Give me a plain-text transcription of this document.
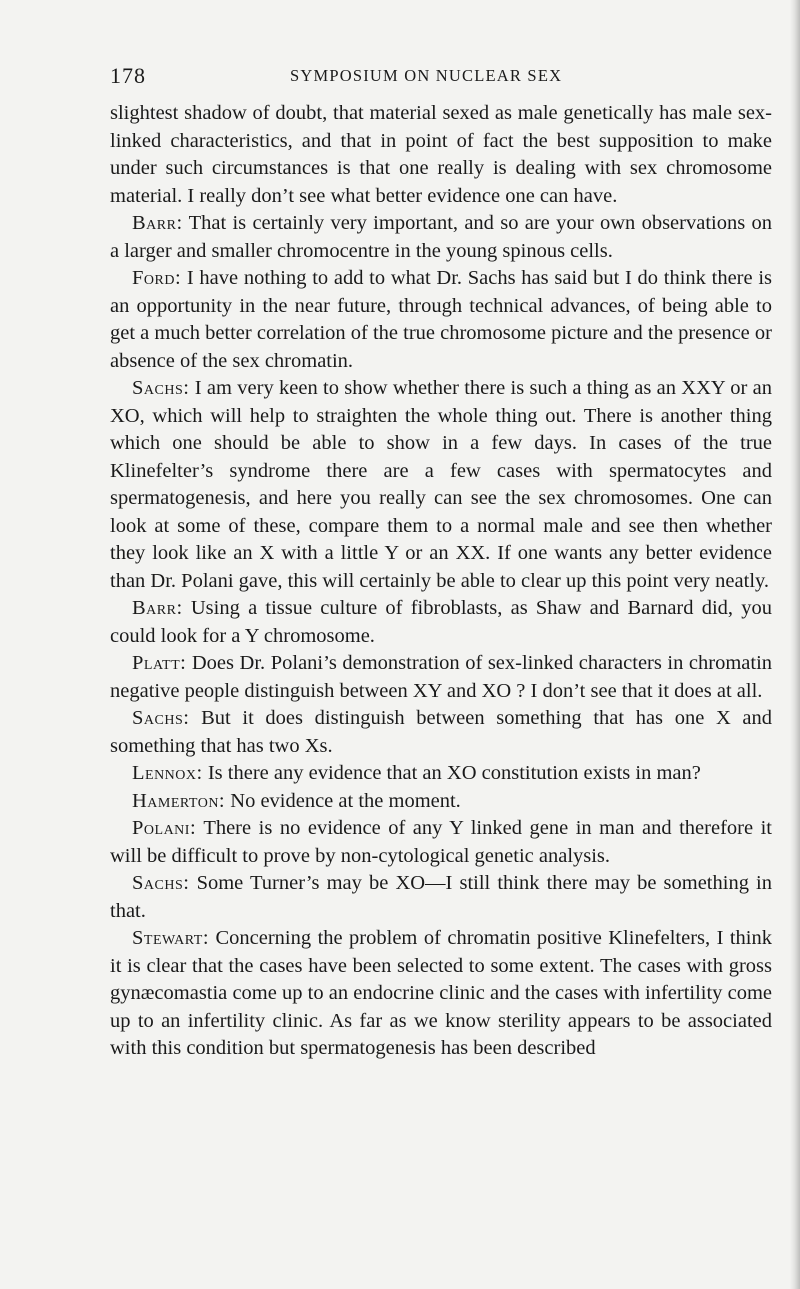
178	SYMPOSIUM ON NUCLEAR SEX

slightest shadow of doubt, that material sexed as male genetically has male sex-linked characteristics, and that in point of fact the best supposition to make under such circumstances is that one really is dealing with sex chromosome material. I really don’t see what better evidence one can have.

Barr: That is certainly very important, and so are your own observations on a larger and smaller chromocentre in the young spinous cells.

Ford: I have nothing to add to what Dr. Sachs has said but I do think there is an opportunity in the near future, through technical advances, of being able to get a much better correlation of the true chromosome picture and the presence or absence of the sex chromatin.

Sachs: I am very keen to show whether there is such a thing as an XXY or an XO, which will help to straighten the whole thing out. There is another thing which one should be able to show in a few days. In cases of the true Klinefelter’s syndrome there are a few cases with spermatocytes and spermatogenesis, and here you really can see the sex chromosomes. One can look at some of these, compare them to a normal male and see then whether they look like an X with a little Y or an XX. If one wants any better evidence than Dr. Polani gave, this will certainly be able to clear up this point very neatly.

Barr: Using a tissue culture of fibroblasts, as Shaw and Barnard did, you could look for a Y chromosome.

Platt: Does Dr. Polani’s demonstration of sex-linked characters in chromatin negative people distinguish between XY and XO ? I don’t see that it does at all.

Sachs: But it does distinguish between something that has one X and something that has two Xs.

Lennox: Is there any evidence that an XO constitution exists in man?

Hamerton: No evidence at the moment.

Polani: There is no evidence of any Y linked gene in man and therefore it will be difficult to prove by non-cytological genetic analysis.

Sachs: Some Turner’s may be XO—I still think there may be something in that.

Stewart: Concerning the problem of chromatin positive Klinefelters, I think it is clear that the cases have been selected to some extent. The cases with gross gynæcomastia come up to an endocrine clinic and the cases with infertility come up to an infertility clinic. As far as we know sterility appears to be associated with this condition but spermatogenesis has been described
